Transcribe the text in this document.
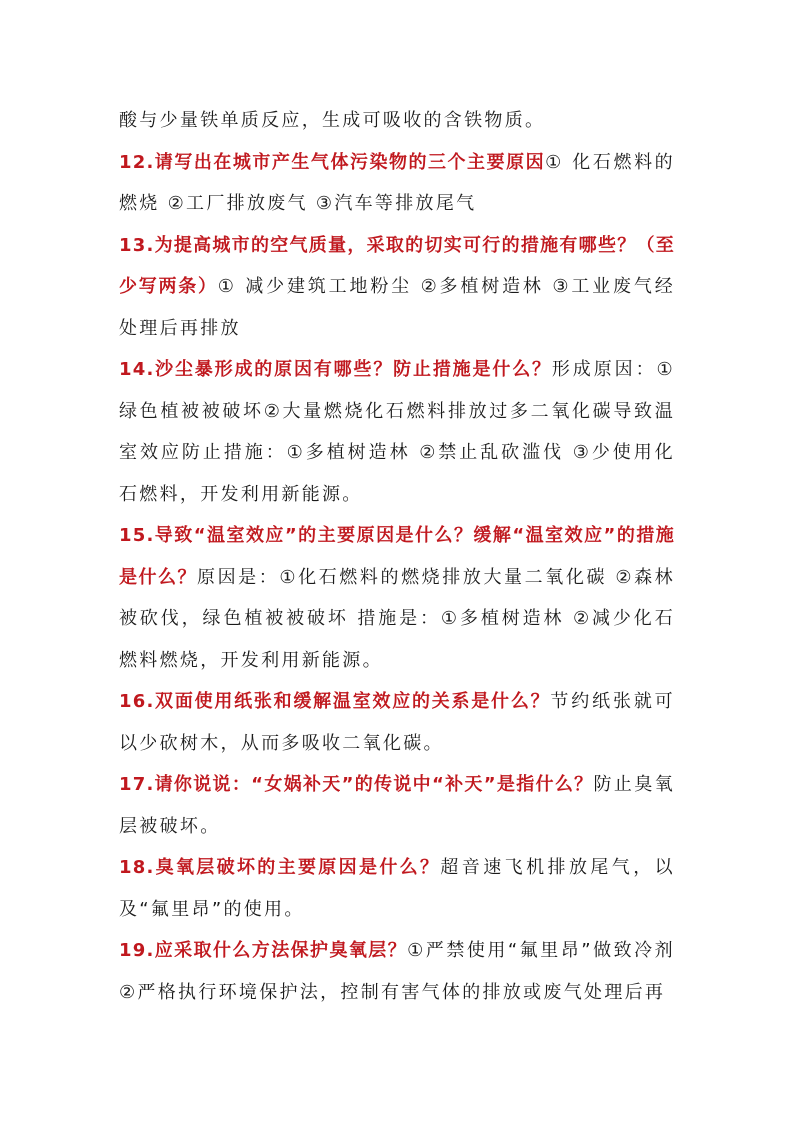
酸与少量铁单质反应，生成可吸收的含铁物质。

12.请写出在城市产生气体污染物的三个主要原因① 化石燃料的燃烧 ②工厂排放废气 ③汽车等排放尾气

13.为提高城市的空气质量，采取的切实可行的措施有哪些？（至少写两条）① 减少建筑工地粉尘 ②多植树造林 ③工业废气经处理后再排放

14.沙尘暴形成的原因有哪些？防止措施是什么？形成原因：① 绿色植被被破坏②大量燃烧化石燃料排放过多二氧化碳导致温室效应防止措施：①多植树造林 ②禁止乱砍滥伐 ③少使用化石燃料，开发利用新能源。

15.导致“温室效应”的主要原因是什么？缓解“温室效应”的措施是什么？原因是：①化石燃料的燃烧排放大量二氧化碳 ②森林被砍伐，绿色植被被破坏 措施是：①多植树造林 ②减少化石燃料燃烧，开发利用新能源。

16.双面使用纸张和缓解温室效应的关系是什么？节约纸张就可以少砍树木，从而多吸收二氧化碳。

17.请你说说：“女娲补天”的传说中“补天”是指什么？防止臭氧层被破坏。

18.臭氧层破坏的主要原因是什么？超音速飞机排放尾气，以及“氟里昂”的使用。

19.应采取什么方法保护臭氧层？①严禁使用“氟里昂”做致冷剂②严格执行环境保护法，控制有害气体的排放或废气处理后再
